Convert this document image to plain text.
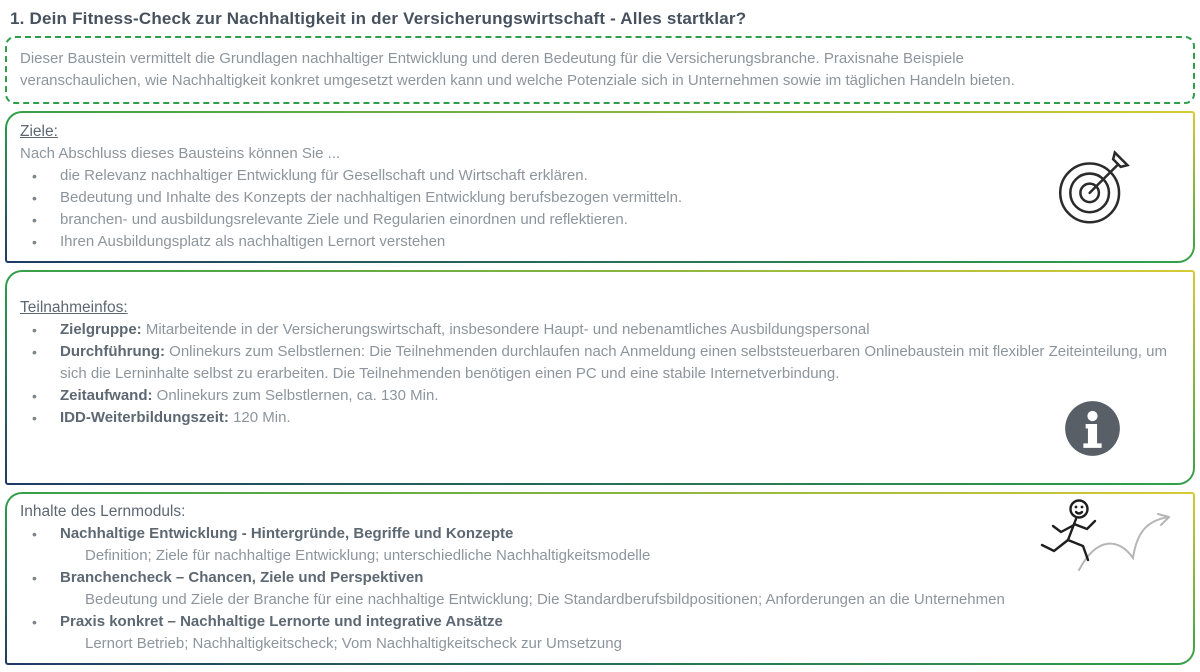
1. Dein Fitness-Check zur Nachhaltigkeit in der Versicherungswirtschaft - Alles startklar?
Dieser Baustein vermittelt die Grundlagen nachhaltiger Entwicklung und deren Bedeutung für die Versicherungsbranche. Praxisnahe Beispiele
veranschaulichen, wie Nachhaltigkeit konkret umgesetzt werden kann und welche Potenziale sich in Unternehmen sowie im täglichen Handeln bieten.
Ziele:
Nach Abschluss dieses Bausteins können Sie ...
•	die Relevanz nachhaltiger Entwicklung für Gesellschaft und Wirtschaft erklären.
•	Bedeutung und Inhalte des Konzepts der nachhaltigen Entwicklung berufsbezogen vermitteln.
•	branchen- und ausbildungsrelevante Ziele und Regularien einordnen und reflektieren.
•	Ihren Ausbildungsplatz als nachhaltigen Lernort verstehen
Teilnahmeinfos:
•	Zielgruppe: Mitarbeitende in der Versicherungswirtschaft, insbesondere Haupt- und nebenamtliches Ausbildungspersonal
•	Durchführung: Onlinekurs zum Selbstlernen: Die Teilnehmenden durchlaufen nach Anmeldung einen selbststeuerbaren Onlinebaustein mit flexibler Zeiteinteilung, um sich die Lerninhalte selbst zu erarbeiten. Die Teilnehmenden benötigen einen PC und eine stabile Internetverbindung.
•	Zeitaufwand: Onlinekurs zum Selbstlernen, ca. 130 Min.
•	IDD-Weiterbildungszeit: 120 Min.
Inhalte des Lernmoduls:
•	Nachhaltige Entwicklung - Hintergründe, Begriffe und Konzepte
Definition; Ziele für nachhaltige Entwicklung; unterschiedliche Nachhaltigkeitsmodelle
•	Branchencheck – Chancen, Ziele und Perspektiven
Bedeutung und Ziele der Branche für eine nachhaltige Entwicklung; Die Standardberufsbildpositionen; Anforderungen an die Unternehmen
•	Praxis konkret – Nachhaltige Lernorte und integrative Ansätze
Lernort Betrieb; Nachhaltigkeitscheck; Vom Nachhaltigkeitscheck zur Umsetzung
